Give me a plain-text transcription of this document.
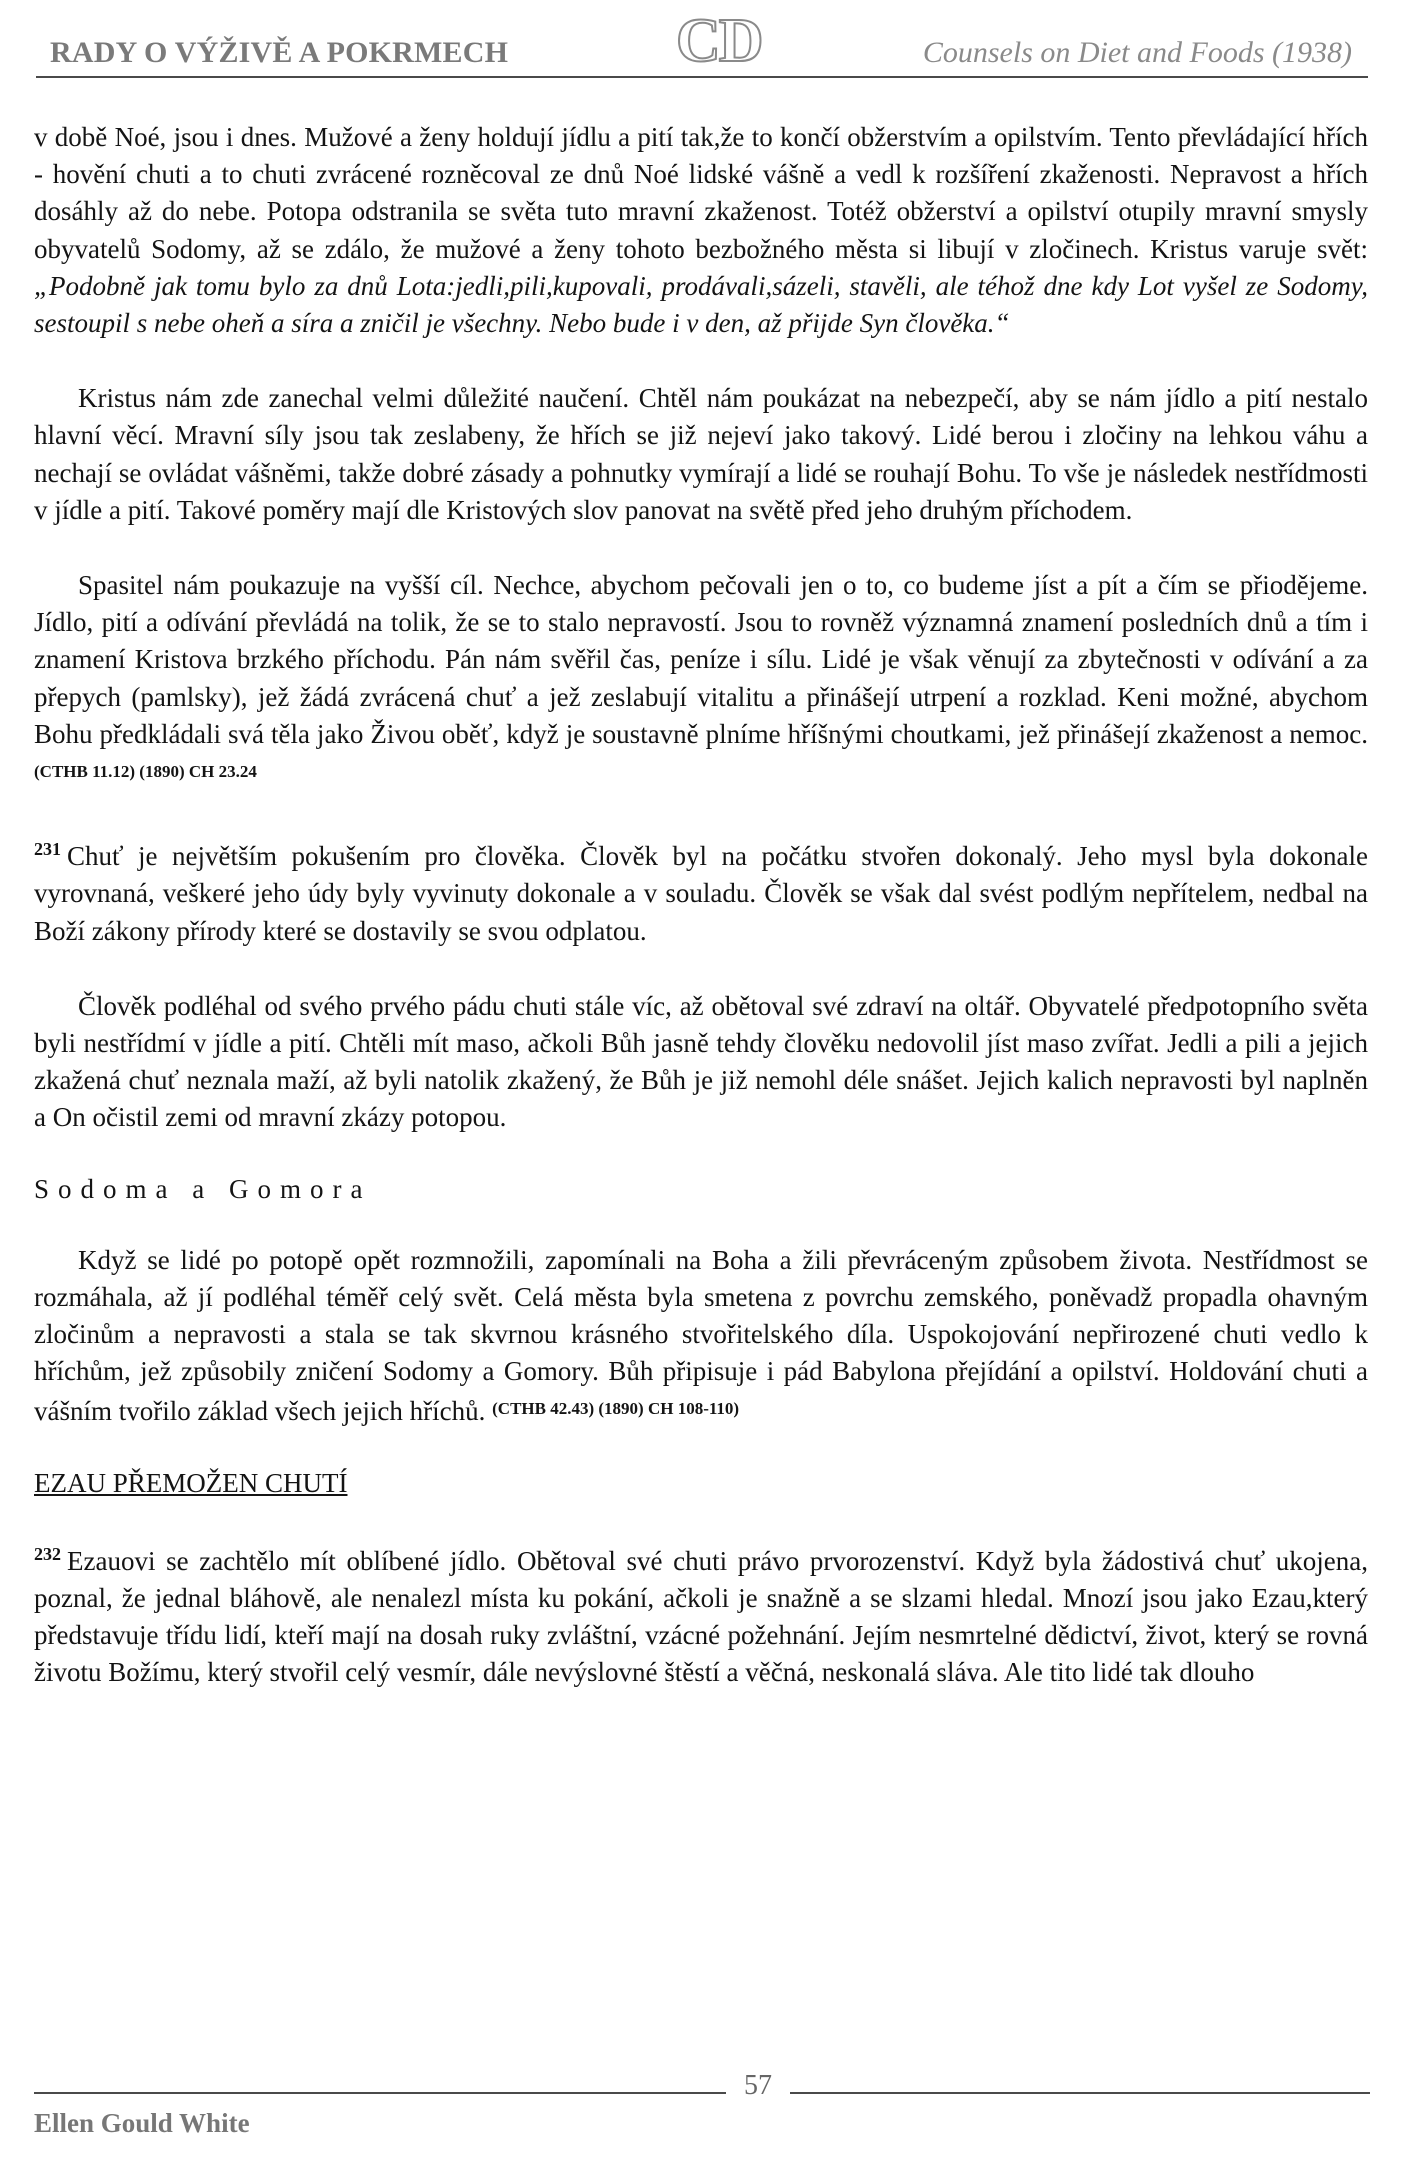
RADY O VÝŽIVĚ A POKRMECH	CD	Counsels on Diet and Foods (1938)

v době Noé, jsou i dnes. Mužové a ženy holdují jídlu a pití tak,že to končí obžerstvím a opilstvím. Tento převládající hřích - hovění chuti a to chuti zvrácené rozněcoval ze dnů Noé lidské vášně a vedl k rozšíření zkaženosti. Nepravost a hřích dosáhly až do nebe. Potopa odstranila se světa tuto mravní zkaženost. Totéž obžerství a opilství otupily mravní smysly obyvatelů Sodomy, až se zdálo, že mužové a ženy tohoto bezbožného města si libují v zločinech. Kristus varuje svět: „Podobně jak tomu bylo za dnů Lota:jedli,pili,kupovali, prodávali,sázeli, stavěli, ale téhož dne kdy Lot vyšel ze Sodomy, sestoupil s nebe oheň a síra a zničil je všechny. Nebo bude i v den, až přijde Syn člověka.“

Kristus nám zde zanechal velmi důležité naučení. Chtěl nám poukázat na nebezpečí, aby se nám jídlo a pití nestalo hlavní věcí. Mravní síly jsou tak zeslabeny, že hřích se již nejeví jako takový. Lidé berou i zločiny na lehkou váhu a nechají se ovládat vášněmi, takže dobré zásady a pohnutky vymírají a lidé se rouhají Bohu. To vše je následek nestřídmosti v jídle a pití. Takové poměry mají dle Kristových slov panovat na světě před jeho druhým příchodem.

Spasitel nám poukazuje na vyšší cíl. Nechce, abychom pečovali jen o to, co budeme jíst a pít a čím se přioděјeme. Jídlo, pití a odívání převládá na tolik, že se to stalo nepravostí. Jsou to rovněž významná znamení posledních dnů a tím i znamení Kristova brzkého příchodu. Pán nám svěřil čas, peníze i sílu. Lidé je však věnují za zbytečnosti v odívání a za přepych (pamlsky), jež žádá zvrácená chuť a jež zeslabují vitalitu a přinášejí utrpení a rozklad. Keni možné, abychom Bohu předkládali svá těla jako Živou oběť, když je soustavně plníme hříšnými choutkami, jež přinášejí zkaženost a nemoc. $^{(CTHB 11.12) (1890) CH 23.24}$

$^{231}$ Chuť je největším pokušením pro člověka. Člověk byl na počátku stvořen dokonalý. Jeho mysl byla dokonale vyrovnaná, veškeré jeho údy byly vyvinuty dokonale a v souladu. Člověk se však dal svést podlým nepřítelem, nedbal na Boží zákony přírody které se dostavily se svou odplatou.

Člověk podléhal od svého prvého pádu chuti stále víc, až obětoval své zdraví na oltář. Obyvatelé předpotopního světa byli nestřídmí v jídle a pití. Chtěli mít maso, ačkoli Bůh jasně tehdy člověku nedovolil jíst maso zvířat. Jedli a pili a jejich zkažená chuť neznala maží, až byli natolik zkažený, že Bůh je již nemohl déle snášet. Jejich kalich nepravosti byl naplněn a On očistil zemi od mravní zkázy potopou.

Sodoma a Gomora

Když se lidé po potopě opět rozmnožili, zapomínali na Boha a žili převráceným způsobem života. Nestřídmost se rozmáhala, až jí podléhal téměř celý svět. Celá města byla smetena z povrchu zemského, poněvadž propadla ohavným zločinům a nepravosti a stala se tak skvrnou krásného stvořitelského díla. Uspokojování nepřirozené chuti vedlo k hříchům, jež způsobily zničení Sodomy a Gomory. Bůh připisuje i pád Babylona přejídání a opilství. Holdování chuti a vášním tvořilo základ všech jejich hříchů. $^{(CTHB 42.43) (1890) CH 108-110)}$

EZAU PŘEMOŽEN CHUTÍ

$^{232}$ Ezauovi se zachtělo mít oblíbené jídlo. Obětoval své chuti právo prvorozenství. Když byla žádostivá chuť ukojena, poznal, že jednal bláhově, ale nenalezl místa ku pokání, ačkoli je snažně a se slzami hledal. Mnozí jsou jako Ezau,který představuje třídu lidí, kteří mají na dosah ruky zvláštní, vzácné požehnání. Jejím nesmrtelné dědictví, život, který se rovná životu Božímu, který stvořil celý vesmír, dále nevýslovné štěstí a věčná, neskonalá sláva. Ale tito lidé tak dlouho

57
Ellen Gould White
